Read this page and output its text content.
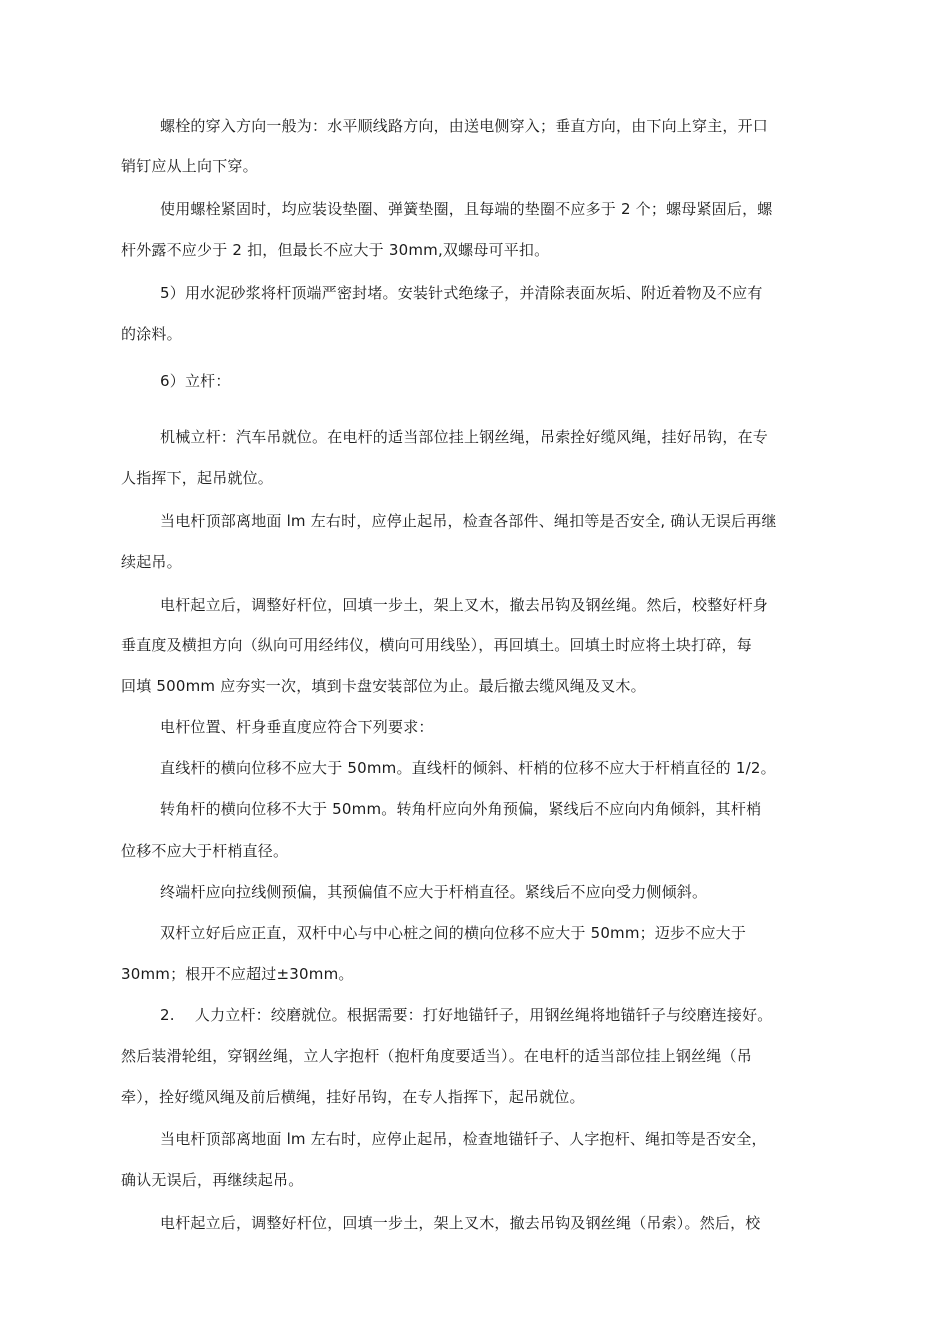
螺栓的穿入方向一般为：水平顺线路方向，由送电侧穿入；垂直方向，由下向上穿主，开口
销钉应从上向下穿。
使用螺栓紧固时，均应装设垫圈、弹簧垫圈，且每端的垫圈不应多于 2 个；螺母紧固后，螺
杆外露不应少于 2 扣，但最长不应大于 30mm,双螺母可平扣。
5）用水泥砂浆将杆顶端严密封堵。安装针式绝缘子，并清除表面灰垢、附近着物及不应有
的涂料。
6）立杆：
机械立杆：汽车吊就位。在电杆的适当部位挂上钢丝绳，吊索拴好缆风绳，挂好吊钩，在专
人指挥下，起吊就位。
当电杆顶部离地面 lm 左右时，应停止起吊，检查各部件、绳扣等是否安全, 确认无误后再继
续起吊。
电杆起立后，调整好杆位，回填一步土，架上叉木，撤去吊钩及钢丝绳。然后，校整好杆身
垂直度及横担方向（纵向可用经纬仪，横向可用线坠），再回填土。回填土时应将土块打碎，每
回填 500mm 应夯实一次，填到卡盘安装部位为止。最后撤去缆风绳及叉木。
电杆位置、杆身垂直度应符合下列要求：
直线杆的横向位移不应大于 50mm。直线杆的倾斜、杆梢的位移不应大于杆梢直径的 1/2。
转角杆的横向位移不大于 50mm。转角杆应向外角预偏，紧线后不应向内角倾斜，其杆梢
位移不应大于杆梢直径。
终端杆应向拉线侧预偏，其预偏值不应大于杆梢直径。紧线后不应向受力侧倾斜。
双杆立好后应正直，双杆中心与中心桩之间的横向位移不应大于 50mm；迈步不应大于
30mm；根开不应超过±30mm。
2.　 人力立杆：绞磨就位。根据需要：打好地锚钎子，用钢丝绳将地锚钎子与绞磨连接好。
然后装滑轮组，穿钢丝绳，立人字抱杆（抱杆角度要适当）。在电杆的适当部位挂上钢丝绳（吊
牵），拴好缆风绳及前后横绳，挂好吊钩，在专人指挥下，起吊就位。
当电杆顶部离地面 lm 左右时，应停止起吊，检查地锚钎子、人字抱杆、绳扣等是否安全，
确认无误后，再继续起吊。
电杆起立后，调整好杆位，回填一步土，架上叉木，撤去吊钩及钢丝绳（吊索）。然后，校
